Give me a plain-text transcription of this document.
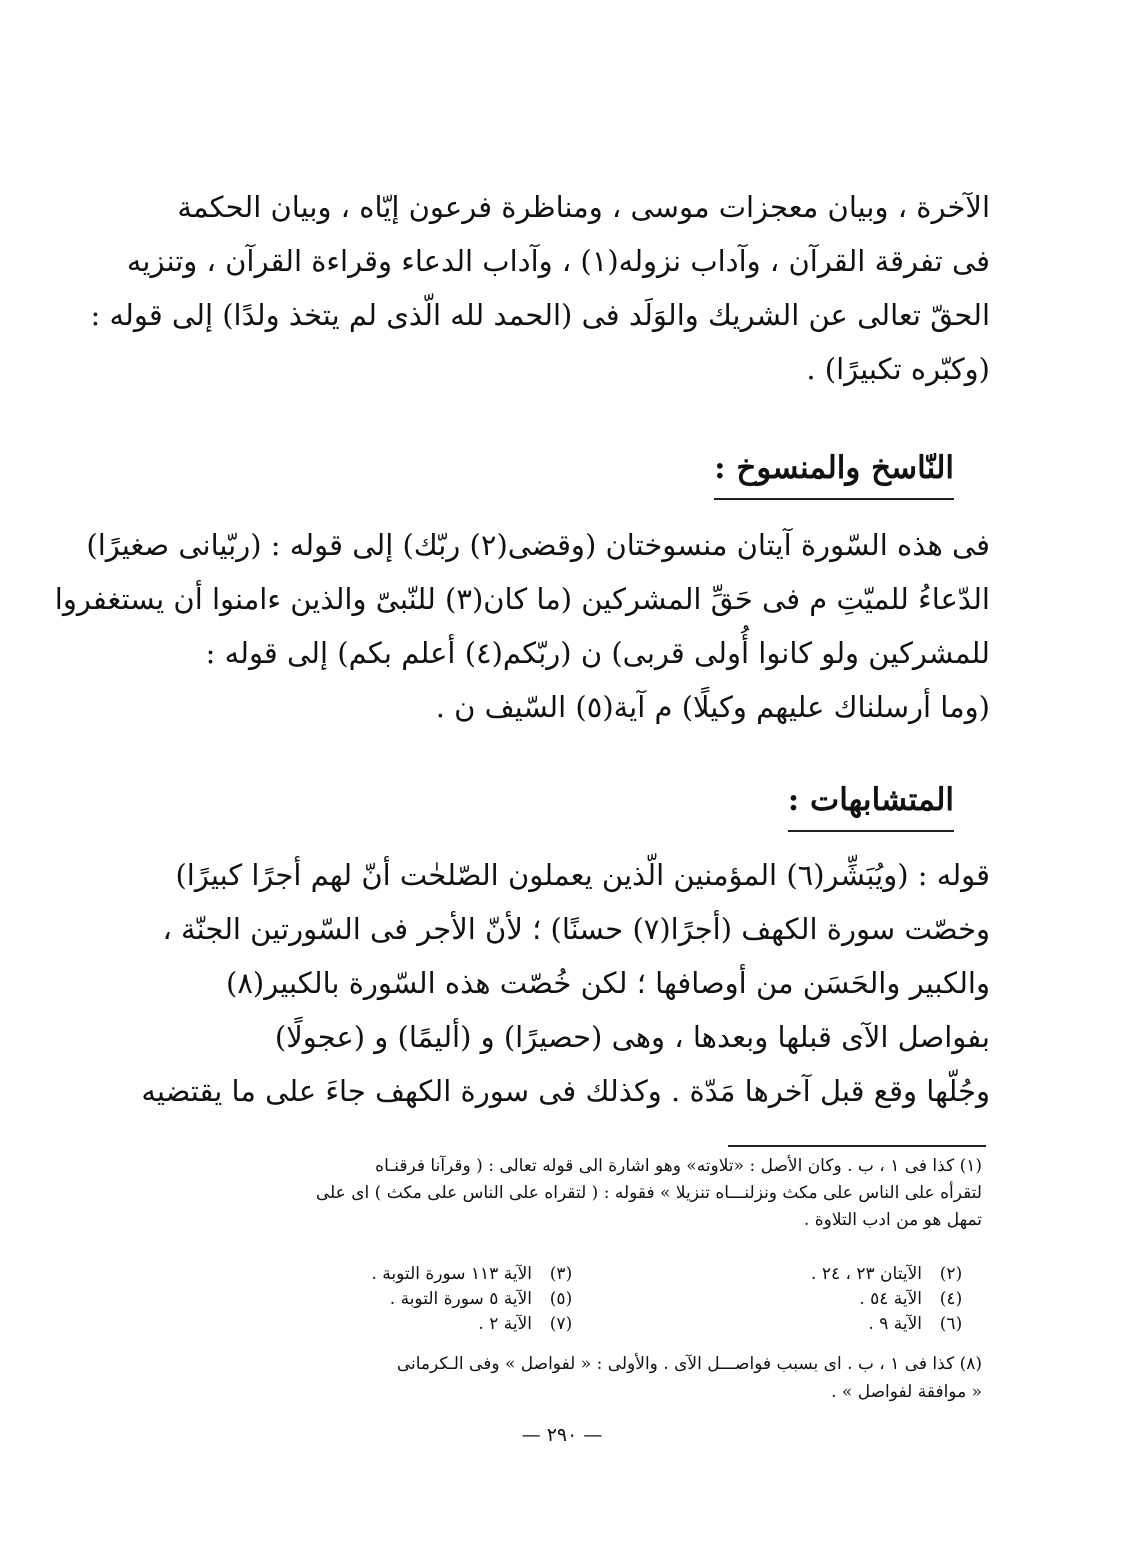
الآخرة ، وبيان معجزات موسى ، ومناظرة فرعون إيّاه ، وبيان الحكمة
فى تفرقة القرآن ، وآداب نزوله(١) ، وآداب الدعاء وقراءة القرآن ، وتنزيه
الحقّ تعالى عن الشريك والوَلَد فى (الحمد لله الّذى لم يتخذ ولدًا) إلى قوله :
(وكبّره تكبيرًا) .
النّاسخ والمنسوخ :
فى هذه السّورة آيتان منسوختان (وقضى(٢) ربّك) إلى قوله : (ربّيانى صغيرًا)
الدّعاءُ للميّتِ م فى حَقِّ المشركين (ما كان(٣) للنّبىّ والذين ءامنوا أن يستغفروا
للمشركين ولو كانوا أُولى قربى) ن (ربّكم(٤) أعلم بكم) إلى قوله :
(وما أرسلناك عليهم وكيلًا) م آية(٥) السّيف ن .
المتشابهات :
قوله : (ويُبَشِّر(٦) المؤمنين الّذين يعملون الصّلحٰت أنّ لهم أجرًا كبيرًا)
وخصّت سورة الكهف (أجرًا(٧) حسنًا) ؛ لأنّ الأجر فى السّورتين الجنّة ،
والكبير والحَسَن من أوصافها ؛ لكن خُصّت هذه السّورة بالكبير(٨)
بفواصل الآى قبلها وبعدها ، وهى (حصيرًا) و (أليمًا) و (عجولًا)
وجُلّها وقع قبل آخرها مَدّة . وكذلك فى سورة الكهف جاءَ على ما يقتضيه
(١) كذا فى ١ ، ب . وكان الأصل : «تلاوته» وهو اشارة الى قوله تعالى : ( وقرآنا فرقنـاه
لتقرأه على الناس على مكث ونزلنـــاه تنزيلا » فقوله : ( لتقراه على الناس على مكث ) اى على
تمهل هو من ادب التلاوة .
(٢)
الآيتان ٢٣ ، ٢٤ .
(٣)
الآية ١١٣ سورة التوبة .
(٤)
الآية ٥٤ .
(٥)
الآية ٥ سورة التوبة .
(٦)
الآية ٩ .
(٧)
الآية ٢ .
(٨) كذا فى ١ ، ب . اى بسبب فواصـــل الآى . والأولى : « لفواصل » وفى الـكرمانى
« موافقة لفواصل » .
— ٢٩٠ —
